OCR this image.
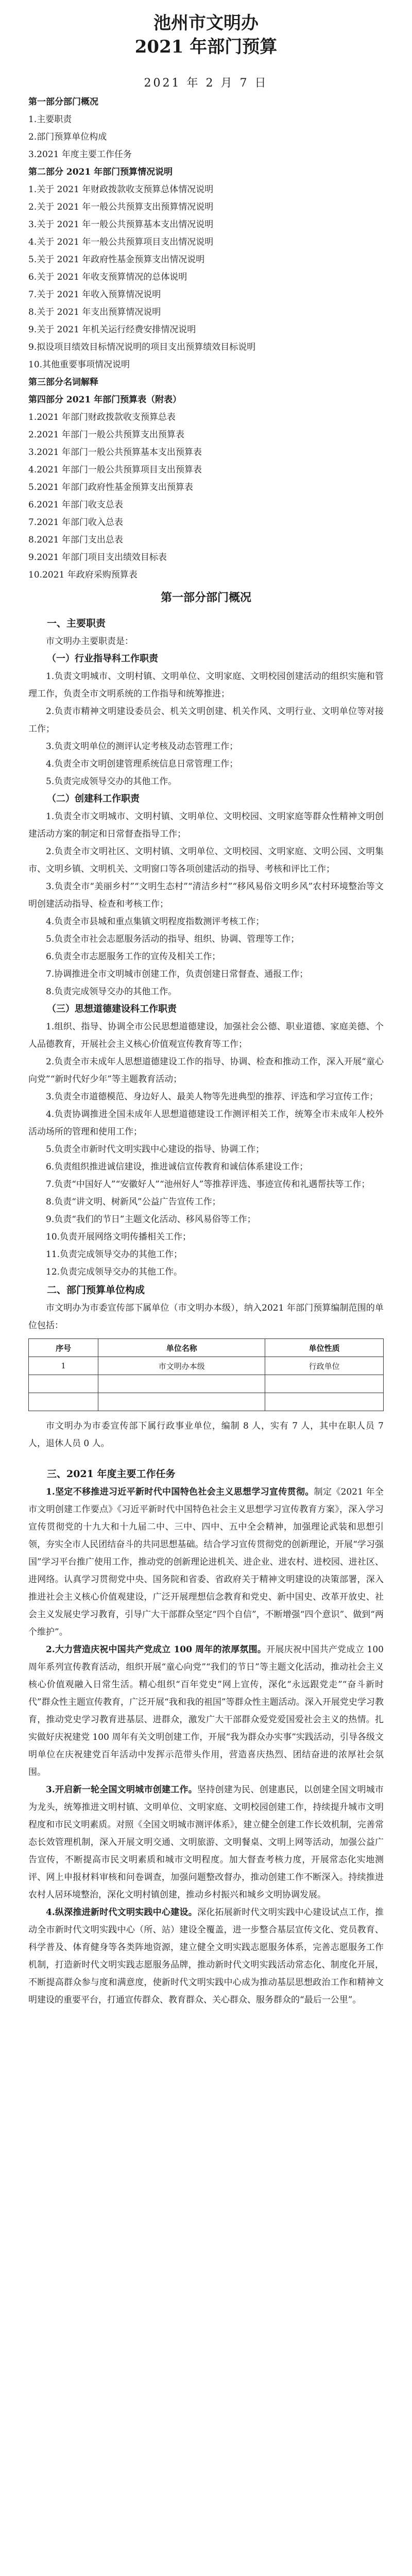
池州市文明办
2021 年部门预算
2021 年 2 月 7 日
第一部分部门概况
1.主要职责
2.部门预算单位构成
3.2021 年度主要工作任务
第二部分 2021 年部门预算情况说明
1.关于 2021 年财政拨款收支预算总体情况说明
2.关于 2021 年一般公共预算支出预算情况说明
3.关于 2021 年一般公共预算基本支出情况说明
4.关于 2021 年一般公共预算项目支出情况说明
5.关于 2021 年政府性基金预算支出情况说明
6.关于 2021 年收支预算情况的总体说明
7.关于 2021 年收入预算情况说明
8.关于 2021 年支出预算情况说明
9.关于 2021 年机关运行经费安排情况说明
9.拟设项目绩效目标情况说明的项目支出预算绩效目标说明
10.其他重要事项情况说明
第三部分名词解释
第四部分 2021 年部门预算表（附表）
1.2021 年部门财政拨款收支预算总表
2.2021 年部门一般公共预算支出预算表
3.2021 年部门一般公共预算基本支出预算表
4.2021 年部门一般公共预算项目支出预算表
5.2021 年部门政府性基金预算支出预算表
6.2021 年部门收支总表
7.2021 年部门收入总表
8.2021 年部门支出总表
9.2021 年部门项目支出绩效目标表
10.2021 年政府采购预算表
第一部分部门概况
一、主要职责

市文明办主要职责是：

（一）行业指导科工作职责

1.负责文明城市、文明村镇、文明单位、文明家庭、文明校园创建活动的组织实施和管理工作，负责全市文明系统的工作指导和统筹推进；

2.负责市精神文明建设委员会、机关文明创建、机关作风、文明行业、文明单位等对接工作；

3.负责文明单位的测评认定考核及动态管理工作；

4.负责全市文明创建管理系统信息日常管理工作；

5.负责完成领导交办的其他工作。

（二）创建科工作职责

1.负责全市文明城市、文明村镇、文明单位、文明校园、文明家庭等群众性精神文明创建活动方案的制定和日常督查指导工作；

2.负责全市文明社区、文明村镇、文明单位、文明校园、文明家庭、文明公园、文明集市、文明乡镇、文明机关、文明窗口等各项创建活动的指导、考核和评比工作；

3.负责全市“美丽乡村”“文明生态村”“清洁乡村”“移风易俗文明乡风”农村环境整治等文明创建活动指导、检查和考核工作；

4.负责全市县城和重点集镇文明程度指数测评考核工作；

5.负责全市社会志愿服务活动的指导、组织、协调、管理等工作；

6.负责全市志愿服务工作的宣传及相关工作；

7.协调推进全市文明城市创建工作，负责创建日常督查、通报工作；

8.负责完成领导交办的其他工作。

（三）思想道德建设科工作职责

1.组织、指导、协调全市公民思想道德建设，加强社会公德、职业道德、家庭美德、个人品德教育，开展社会主义核心价值观宣传教育等工作；

2.负责全市未成年人思想道德建设工作的指导、协调、检查和推动工作，深入开展“童心向党”“新时代好少年”等主题教育活动；

3.负责全市道德模范、身边好人、最美人物等先进典型的推荐、评选和学习宣传工作；

4.负责协调推进全国未成年人思想道德建设工作测评相关工作，统筹全市未成年人校外活动场所的管理和使用工作；

5.负责全市新时代文明实践中心建设的指导、协调工作；

6.负责组织推进诚信建设，推进诚信宣传教育和诚信体系建设工作；

7.负责“中国好人”“安徽好人”“池州好人”等推荐评选、事迹宣传和礼遇帮扶等工作；

8.负责“讲文明、树新风”公益广告宣传工作；

9.负责“我们的节日”主题文化活动、移风易俗等工作；

10.负责开展网络文明传播相关工作；

11.负责完成领导交办的其他工作；

12.负责完成领导交办的其他工作。

二、部门预算单位构成

市文明办为市委宣传部下属单位（市文明办本级），纳入2021 年部门预算编制范围的单位包括：

序号	单位名称	单位性质
1	市文明办本级	行政单位

市文明办为市委宣传部下属行政事业单位，编制 8 人，实有 7 人，其中在职人员 7 人，退休人员 0 人。

三、2021 年度主要工作任务

1.坚定不移推进习近平新时代中国特色社会主义思想学习宣传贯彻。制定《2021 年全市文明创建工作要点》《习近平新时代中国特色社会主义思想学习宣传教育方案》，深入学习宣传贯彻党的十九大和十九届二中、三中、四中、五中全会精神，加强理论武装和思想引领，夯实全市人民团结奋斗的共同思想基础。结合学习宣传贯彻党的创新理论，开展“学习强国”学习平台推广使用工作，推动党的创新理论进机关、进企业、进农村、进校园、进社区、进网络。认真学习贯彻党中央、国务院和省委、省政府关于精神文明建设的决策部署，深入推进社会主义核心价值观建设，广泛开展理想信念教育和党史、新中国史、改革开放史、社会主义发展史学习教育，引导广大干部群众坚定“四个自信”，不断增强“四个意识”、做到“两个维护”。

2.大力营造庆祝中国共产党成立 100 周年的浓厚氛围。开展庆祝中国共产党成立 100 周年系列宣传教育活动，组织开展“童心向党”“我们的节日”等主题文化活动，推动社会主义核心价值观融入日常生活。精心组织“百年党史”网上宣传，深化“永远跟党走”“奋斗新时代”群众性主题宣传教育，广泛开展“我和我的祖国”等群众性主题活动。深入开展党史学习教育，推动党史学习教育进基层、进群众，激发广大干部群众爱党爱国爱社会主义的热情。扎实做好庆祝建党 100 周年有关文明创建工作，开展“我为群众办实事”实践活动，引导各级文明单位在庆祝建党百年活动中发挥示范带头作用，营造喜庆热烈、团结奋进的浓厚社会氛围。

3.开启新一轮全国文明城市创建工作。坚持创建为民、创建惠民，以创建全国文明城市为龙头，统筹推进文明村镇、文明单位、文明家庭、文明校园创建工作，持续提升城市文明程度和市民文明素质。对照《全国文明城市测评体系》，建立健全创建工作长效机制，完善常态长效管理机制，深入开展文明交通、文明旅游、文明餐桌、文明上网等活动，加强公益广告宣传，不断提高市民文明素质和城市文明程度。加大督查考核力度，开展常态化实地测评、网上申报材料审核和问卷调查，加强问题整改督办，推动创建工作不断深入。持续推进农村人居环境整治，深化文明村镇创建，推动乡村振兴和城乡文明协调发展。

4.纵深推进新时代文明实践中心建设。深化拓展新时代文明实践中心建设试点工作，推动全市新时代文明实践中心（所、站）建设全覆盖，进一步整合基层宣传文化、党员教育、科学普及、体育健身等各类阵地资源，建立健全文明实践志愿服务体系，完善志愿服务工作机制，打造新时代文明实践志愿服务品牌，推动新时代文明实践活动常态化、制度化开展，不断提高群众参与度和满意度，使新时代文明实践中心成为推动基层思想政治工作和精神文明建设的重要平台，打通宣传群众、教育群众、关心群众、服务群众的“最后一公里”。
